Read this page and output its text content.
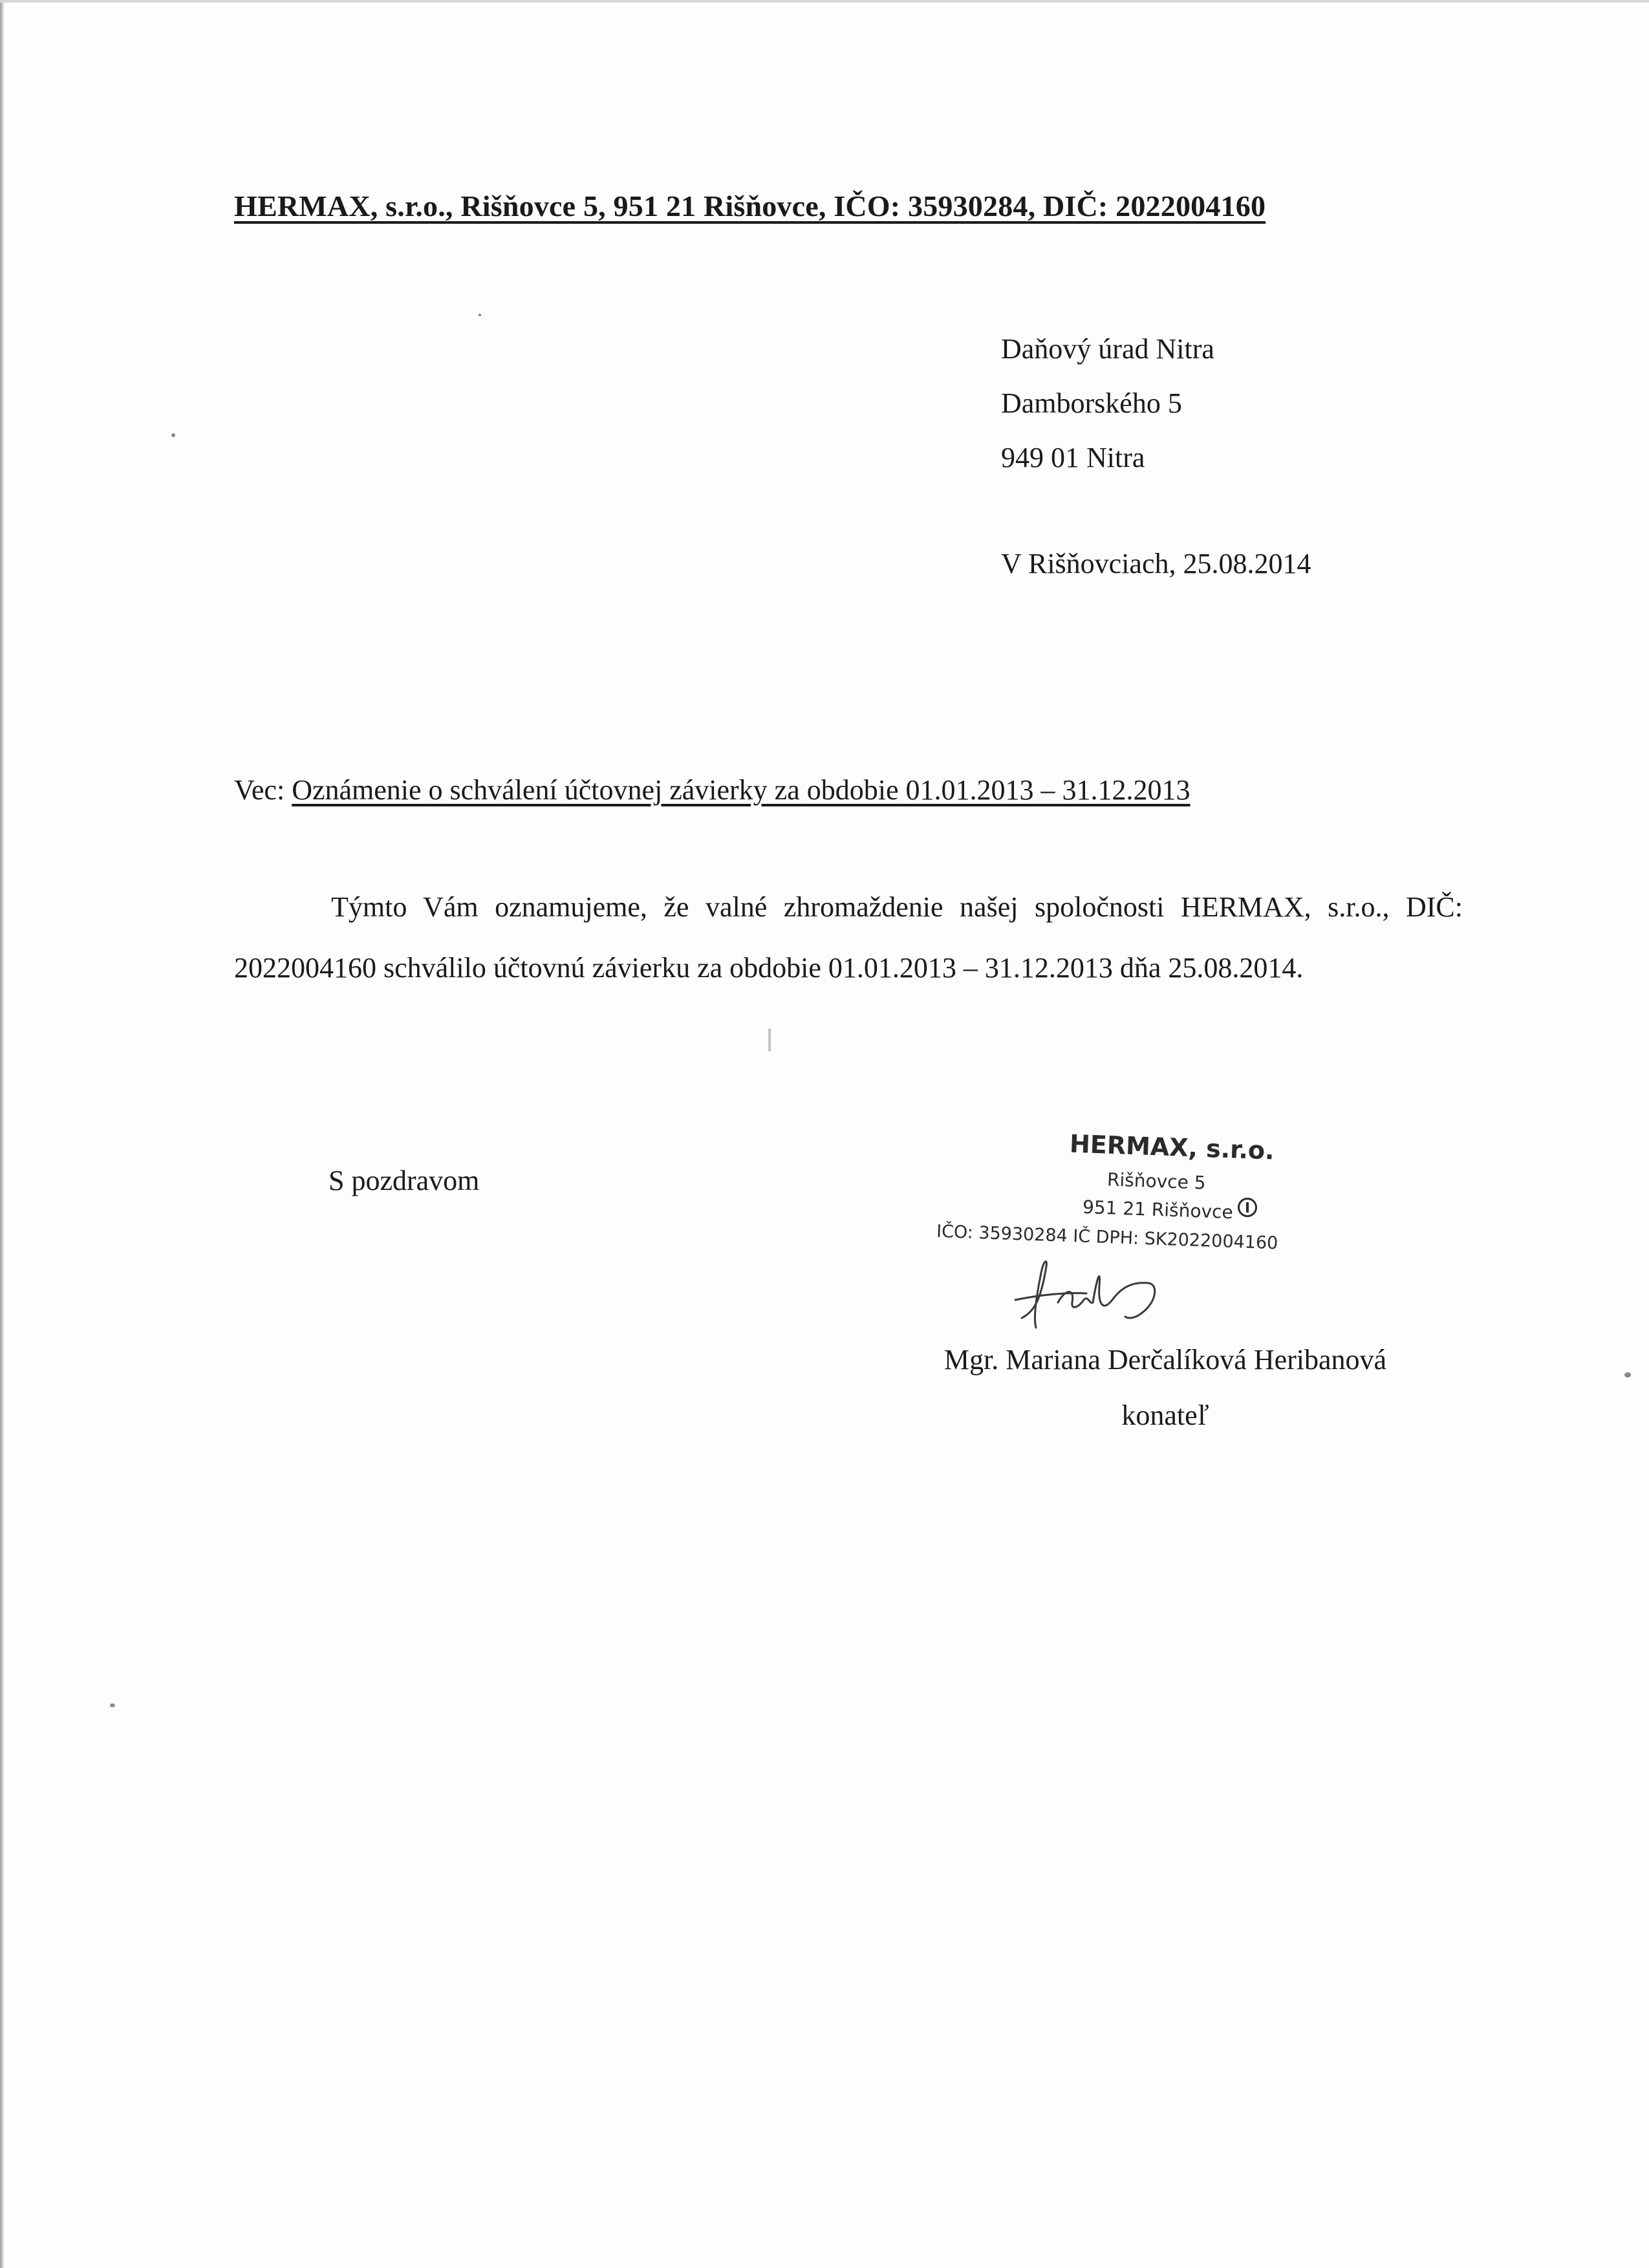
HERMAX, s.r.o., Rišňovce 5, 951 21 Rišňovce, IČO: 35930284, DIČ: 2022004160
Daňový úrad Nitra
Damborského 5
949 01 Nitra
V Rišňovciach, 25.08.2014
Vec: Oznámenie o schválení účtovnej závierky za obdobie 01.01.2013 – 31.12.2013
Týmto Vám oznamujeme, že valné zhromaždenie našej spoločnosti HERMAX, s.r.o., DIČ: 2022004160 schválilo účtovnú závierku za obdobie 01.01.2013 – 31.12.2013 dňa 25.08.2014.
S pozdravom
HERMAX, s.r.o.
Rišňovce 5
951 21 Rišňovce
IČO: 35930284 IČ DPH: SK2022004160
Mgr. Mariana Derčalíková Heribanová
konateľ
